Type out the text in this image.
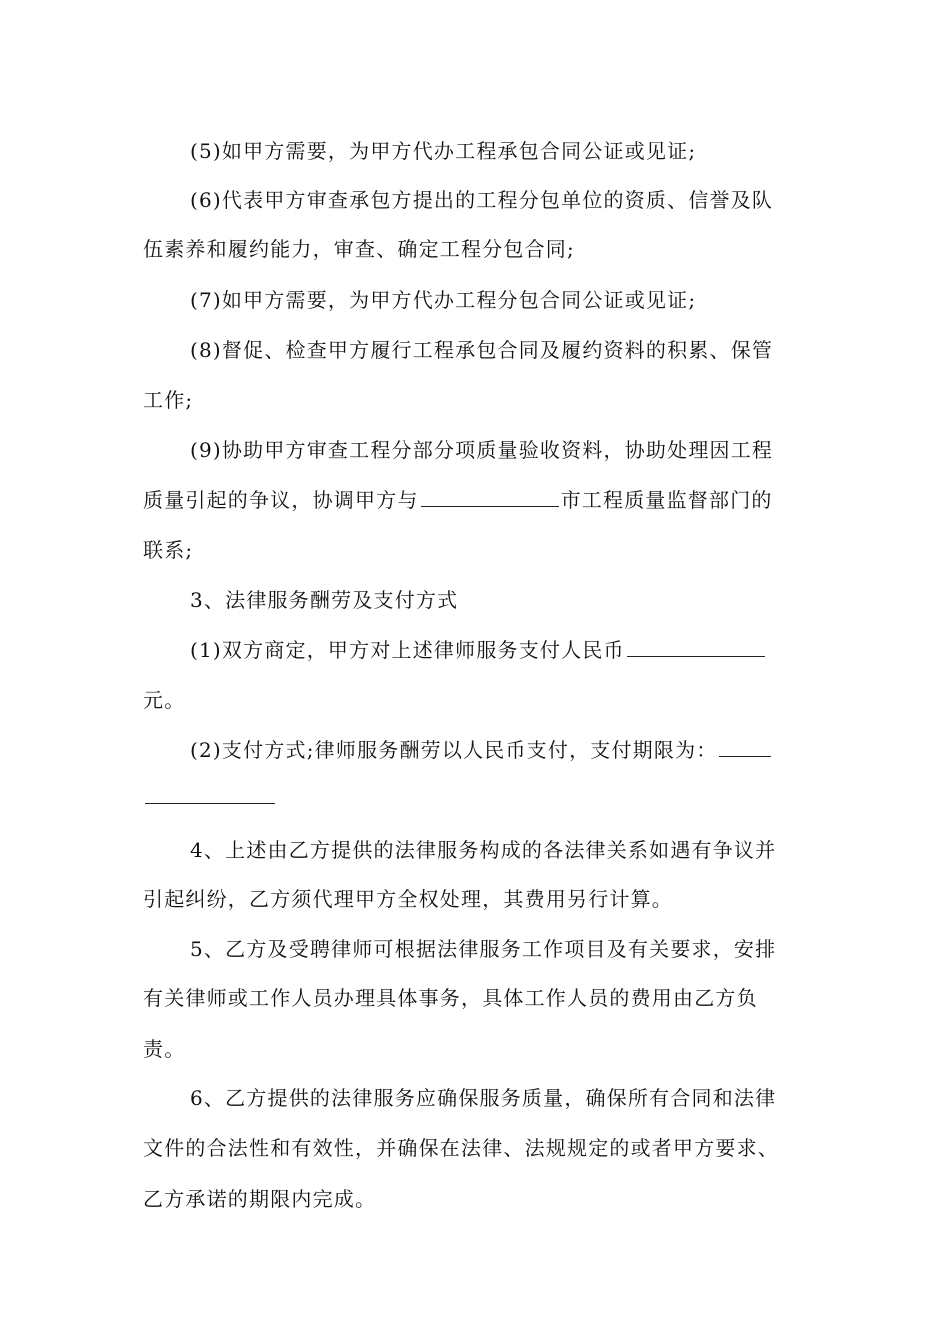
(5)如甲方需要，为甲方代办工程承包合同公证或见证;
(6)代表甲方审查承包方提出的工程分包单位的资质、信誉及队
伍素养和履约能力，审查、确定工程分包合同;
(7)如甲方需要，为甲方代办工程分包合同公证或见证;
(8)督促、检查甲方履行工程承包合同及履约资料的积累、保管
工作;
(9)协助甲方审查工程分部分项质量验收资料，协助处理因工程
质量引起的争议，协调甲方与	市工程质量监督部门的
联系;
3、法律服务酬劳及支付方式
(1)双方商定，甲方对上述律师服务支付人民币
元。
(2)支付方式;律师服务酬劳以人民币支付，支付期限为：
4、上述由乙方提供的法律服务构成的各法律关系如遇有争议并
引起纠纷，乙方须代理甲方全权处理，其费用另行计算。
5、乙方及受聘律师可根据法律服务工作项目及有关要求，安排
有关律师或工作人员办理具体事务，具体工作人员的费用由乙方负
责。
6、乙方提供的法律服务应确保服务质量，确保所有合同和法律
文件的合法性和有效性，并确保在法律、法规规定的或者甲方要求、
乙方承诺的期限内完成。
